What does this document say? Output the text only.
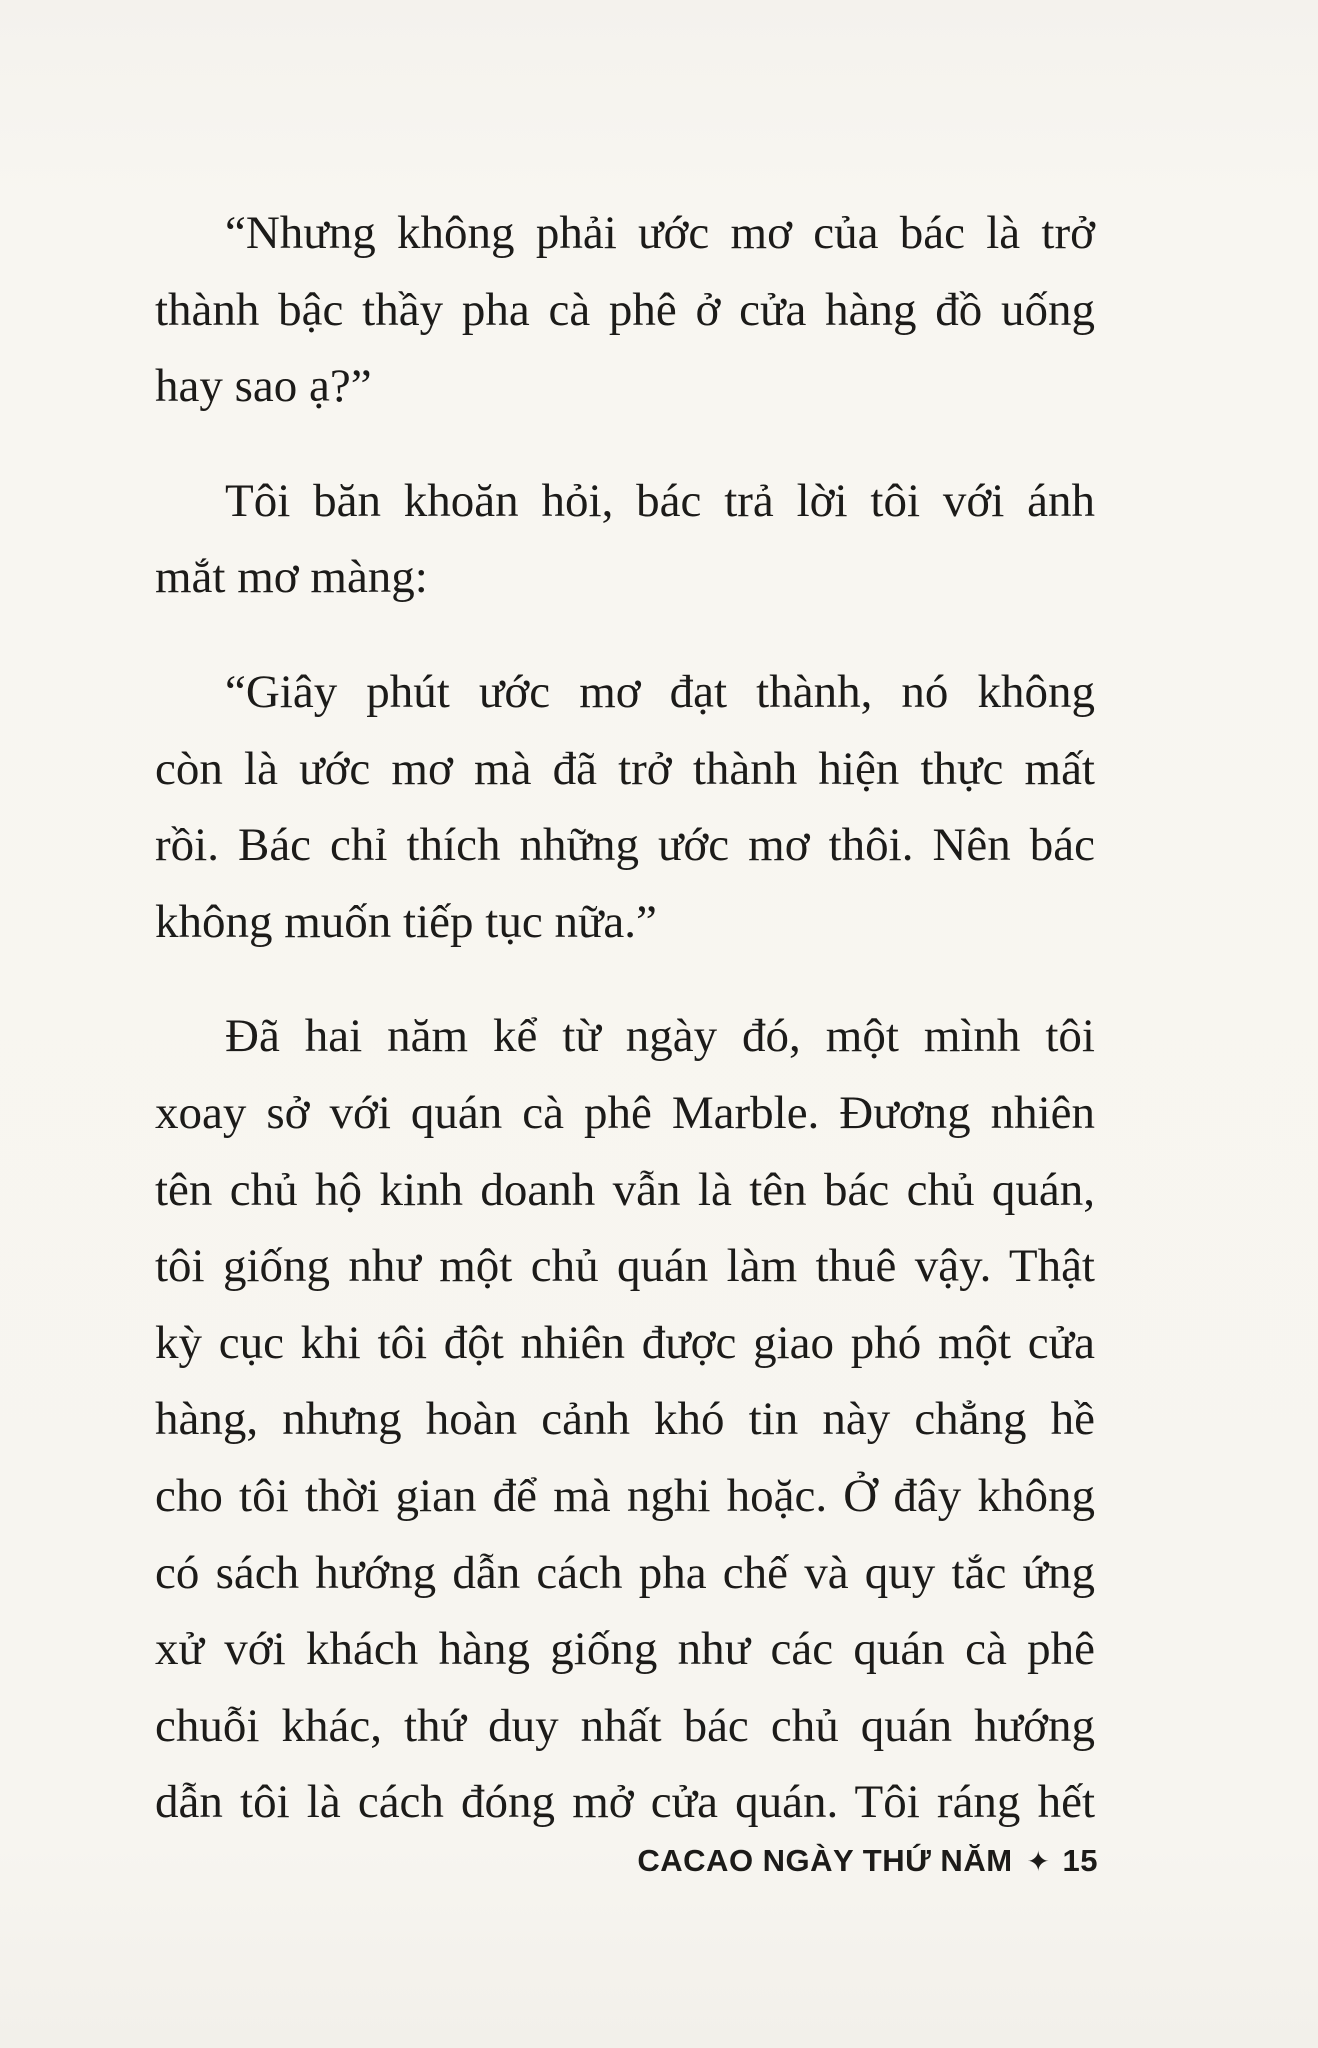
“Nhưng không phải ước mơ của bác là trở
thành bậc thầy pha cà phê ở cửa hàng đồ uống
hay sao ạ?”

Tôi băn khoăn hỏi, bác trả lời tôi với ánh
mắt mơ màng:

“Giây phút ước mơ đạt thành, nó không
còn là ước mơ mà đã trở thành hiện thực mất
rồi. Bác chỉ thích những ước mơ thôi. Nên bác
không muốn tiếp tục nữa.”

Đã hai năm kể từ ngày đó, một mình tôi
xoay sở với quán cà phê Marble. Đương nhiên
tên chủ hộ kinh doanh vẫn là tên bác chủ quán,
tôi giống như một chủ quán làm thuê vậy. Thật
kỳ cục khi tôi đột nhiên được giao phó một cửa
hàng, nhưng hoàn cảnh khó tin này chẳng hề
cho tôi thời gian để mà nghi hoặc. Ở đây không
có sách hướng dẫn cách pha chế và quy tắc ứng
xử với khách hàng giống như các quán cà phê
chuỗi khác, thứ duy nhất bác chủ quán hướng
dẫn tôi là cách đóng mở cửa quán. Tôi ráng hết

CACAO NGÀY THỨ NĂM ✦ 15
